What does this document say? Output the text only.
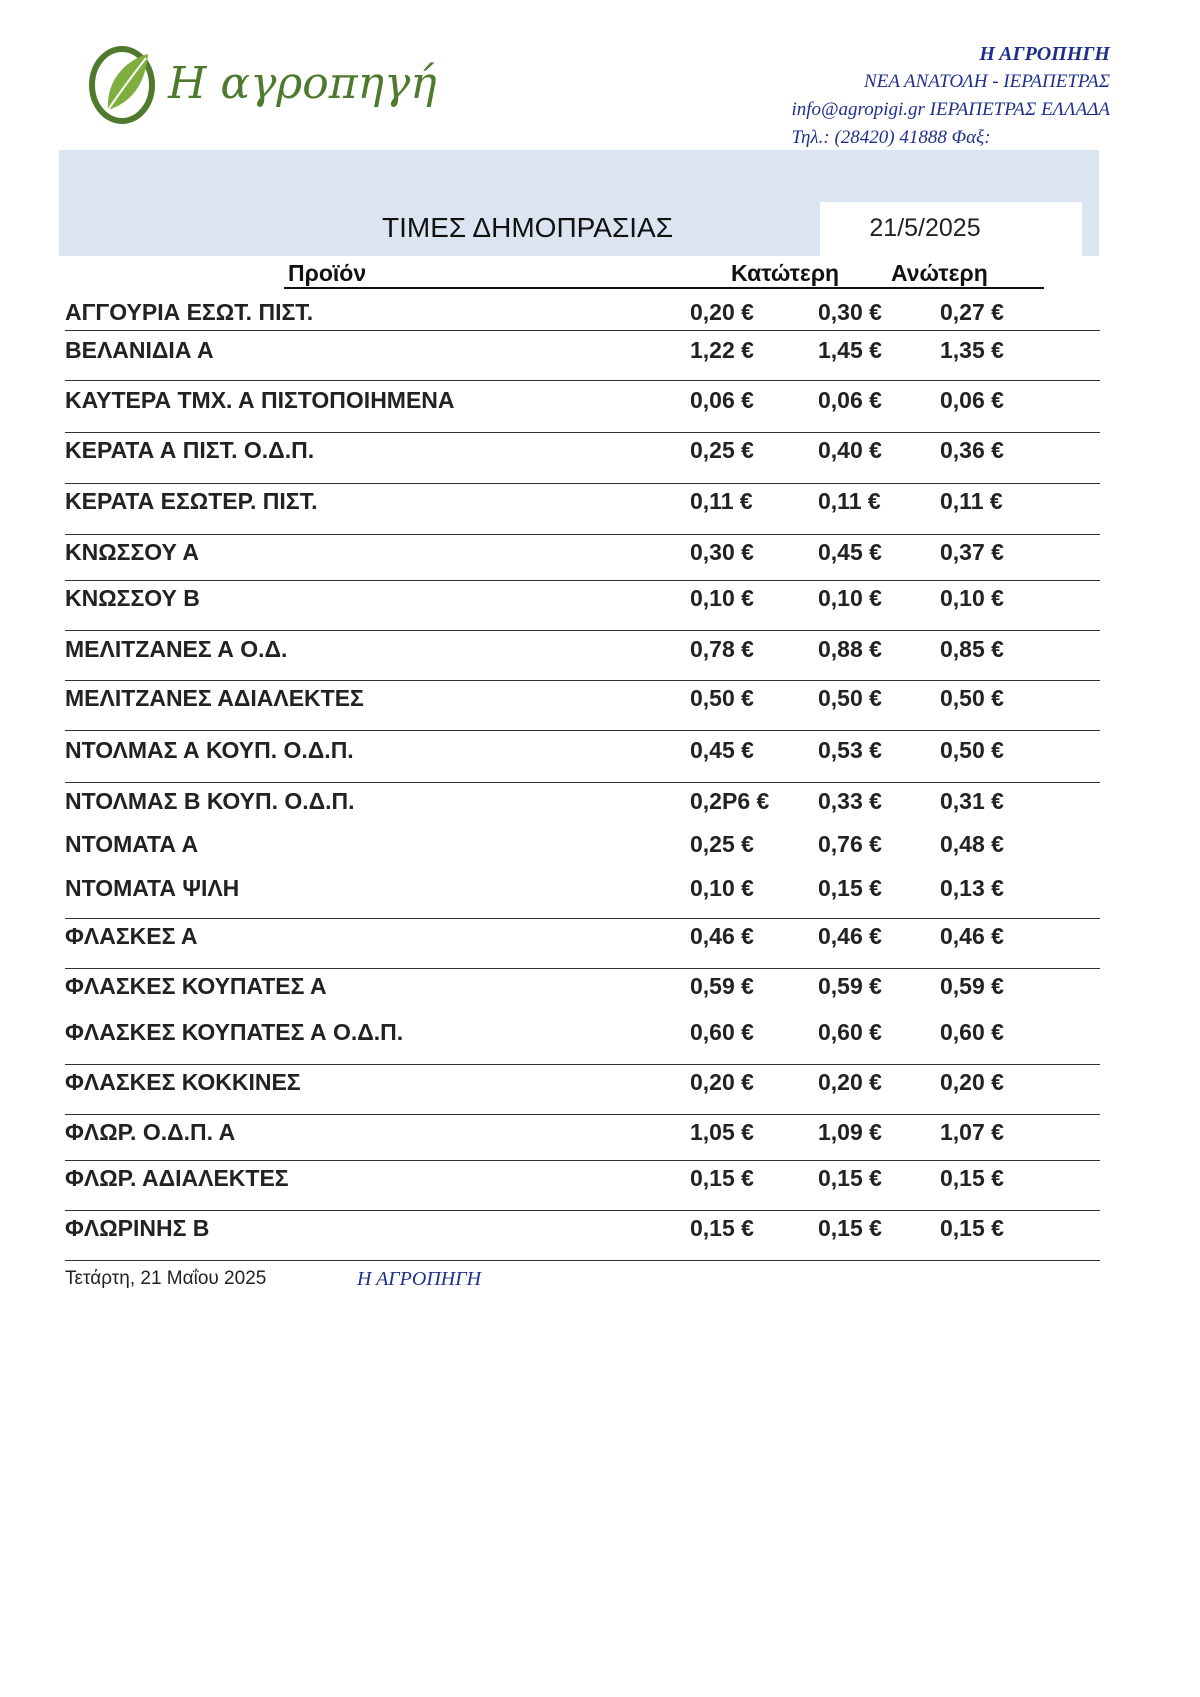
Η αγροπηγή
Η ΑΓΡΟΠΗΓΗ
ΝΕΑ ΑΝΑΤΟΛΗ - ΙΕΡΑΠΕΤΡΑΣ
info@agropigi.gr ΙΕΡΑΠΕΤΡΑΣ ΕΛΛΑΔΑ
Τηλ.: (28420) 41888 Φαξ:
ΤΙΜΕΣ ΔΗΜΟΠΡΑΣΙΑΣ	21/5/2025
Προϊόν	Κατώτερη Ανώτερη
ΑΓΓΟΥΡΙΑ ΕΣΩΤ. ΠΙΣΤ.	0,20 €	0,30 €	0,27 €
ΒΕΛΑΝΙΔΙΑ Α	1,22 €	1,45 €	1,35 €
ΚΑΥΤΕΡΑ ΤΜΧ. Α ΠΙΣΤΟΠΟΙΗΜΕΝΑ	0,06 €	0,06 €	0,06 €
ΚΕΡΑΤΑ Α ΠΙΣΤ. Ο.Δ.Π.	0,25 €	0,40 €	0,36 €
ΚΕΡΑΤΑ ΕΣΩΤΕΡ. ΠΙΣΤ.	0,11 €	0,11 €	0,11 €
ΚΝΩΣΣΟΥ Α	0,30 €	0,45 €	0,37 €
ΚΝΩΣΣΟΥ Β	0,10 €	0,10 €	0,10 €
ΜΕΛΙΤΖΑΝΕΣ Α Ο.Δ.	0,78 €	0,88 €	0,85 €
ΜΕΛΙΤΖΑΝΕΣ ΑΔΙΑΛΕΚΤΕΣ	0,50 €	0,50 €	0,50 €
ΝΤΟΛΜΑΣ Α ΚΟΥΠ. Ο.Δ.Π.	0,45 €	0,53 €	0,50 €
ΝΤΟΛΜΑΣ Β ΚΟΥΠ. Ο.Δ.Π.	0,2Ρ6 €	0,33 €	0,31 €
ΝΤΟΜΑΤΑ Α	0,25 €	0,76 €	0,48 €
ΝΤΟΜΑΤΑ ΨΙΛΗ	0,10 €	0,15 €	0,13 €
ΦΛΑΣΚΕΣ Α	0,46 €	0,46 €	0,46 €
ΦΛΑΣΚΕΣ ΚΟΥΠΑΤΕΣ Α	0,59 €	0,59 €	0,59 €
ΦΛΑΣΚΕΣ ΚΟΥΠΑΤΕΣ Α Ο.Δ.Π.	0,60 €	0,60 €	0,60 €
ΦΛΑΣΚΕΣ ΚΟΚΚΙΝΕΣ	0,20 €	0,20 €	0,20 €
ΦΛΩΡ. Ο.Δ.Π. Α	1,05 €	1,09 €	1,07 €
ΦΛΩΡ. ΑΔΙΑΛΕΚΤΕΣ	0,15 €	0,15 €	0,15 €
ΦΛΩΡΙΝΗΣ Β	0,15 €	0,15 €	0,15 €
Τετάρτη, 21 Μαΐου 2025	Η ΑΓΡΟΠΗΓΗ
